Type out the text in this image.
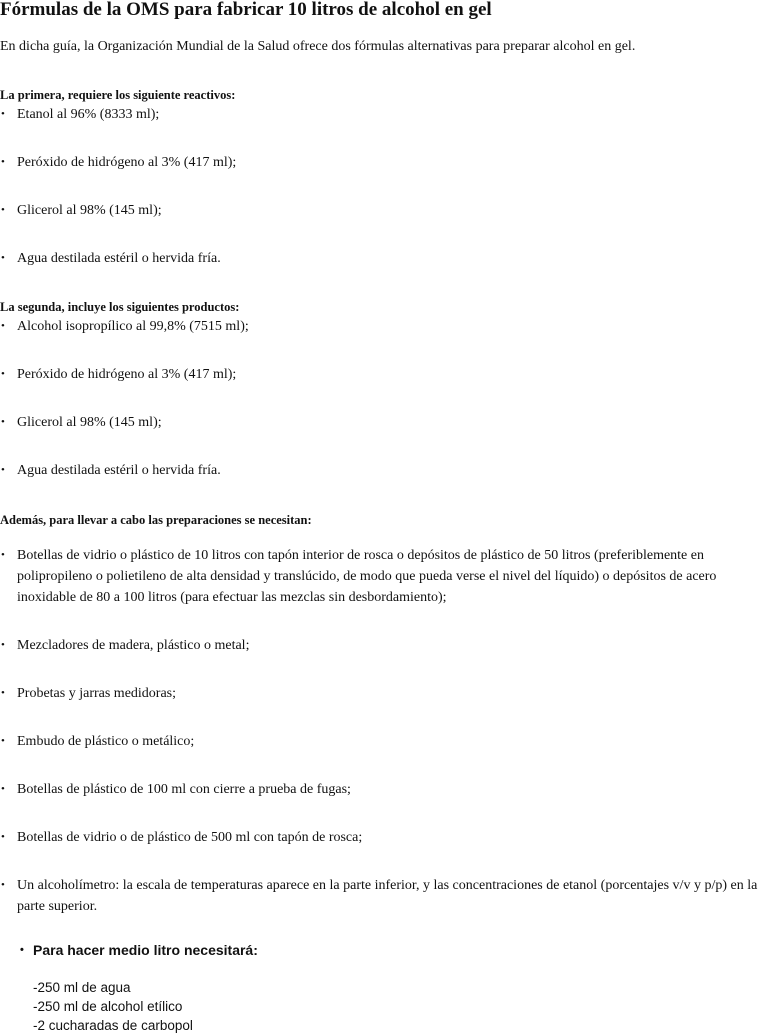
Fórmulas de la OMS para fabricar 10 litros de alcohol en gel

En dicha guía, la Organización Mundial de la Salud ofrece dos fórmulas alternativas para preparar alcohol en gel.

La primera, requiere los siguiente reactivos:

• Etanol al 96% (8333 ml);
• Peróxido de hidrógeno al 3% (417 ml);
• Glicerol al 98% (145 ml);
• Agua destilada estéril o hervida fría.

La segunda, incluye los siguientes productos:

• Alcohol isopropílico al 99,8% (7515 ml);
• Peróxido de hidrógeno al 3% (417 ml);
• Glicerol al 98% (145 ml);
• Agua destilada estéril o hervida fría.

Además, para llevar a cabo las preparaciones se necesitan:

• Botellas de vidrio o plástico de 10 litros con tapón interior de rosca o depósitos de plástico de 50 litros (preferiblemente en polipropileno o polietileno de alta densidad y translúcido, de modo que pueda verse el nivel del líquido) o depósitos de acero inoxidable de 80 a 100 litros (para efectuar las mezclas sin desbordamiento);
• Mezcladores de madera, plástico o metal;
• Probetas y jarras medidoras;
• Embudo de plástico o metálico;
• Botellas de plástico de 100 ml con cierre a prueba de fugas;
• Botellas de vidrio o de plástico de 500 ml con tapón de rosca;
• Un alcoholímetro: la escala de temperaturas aparece en la parte inferior, y las concentraciones de etanol (porcentajes v/v y p/p) en la parte superior.

• Para hacer medio litro necesitará:

-250 ml de agua
-250 ml de alcohol etílico
-2 cucharadas de carbopol
